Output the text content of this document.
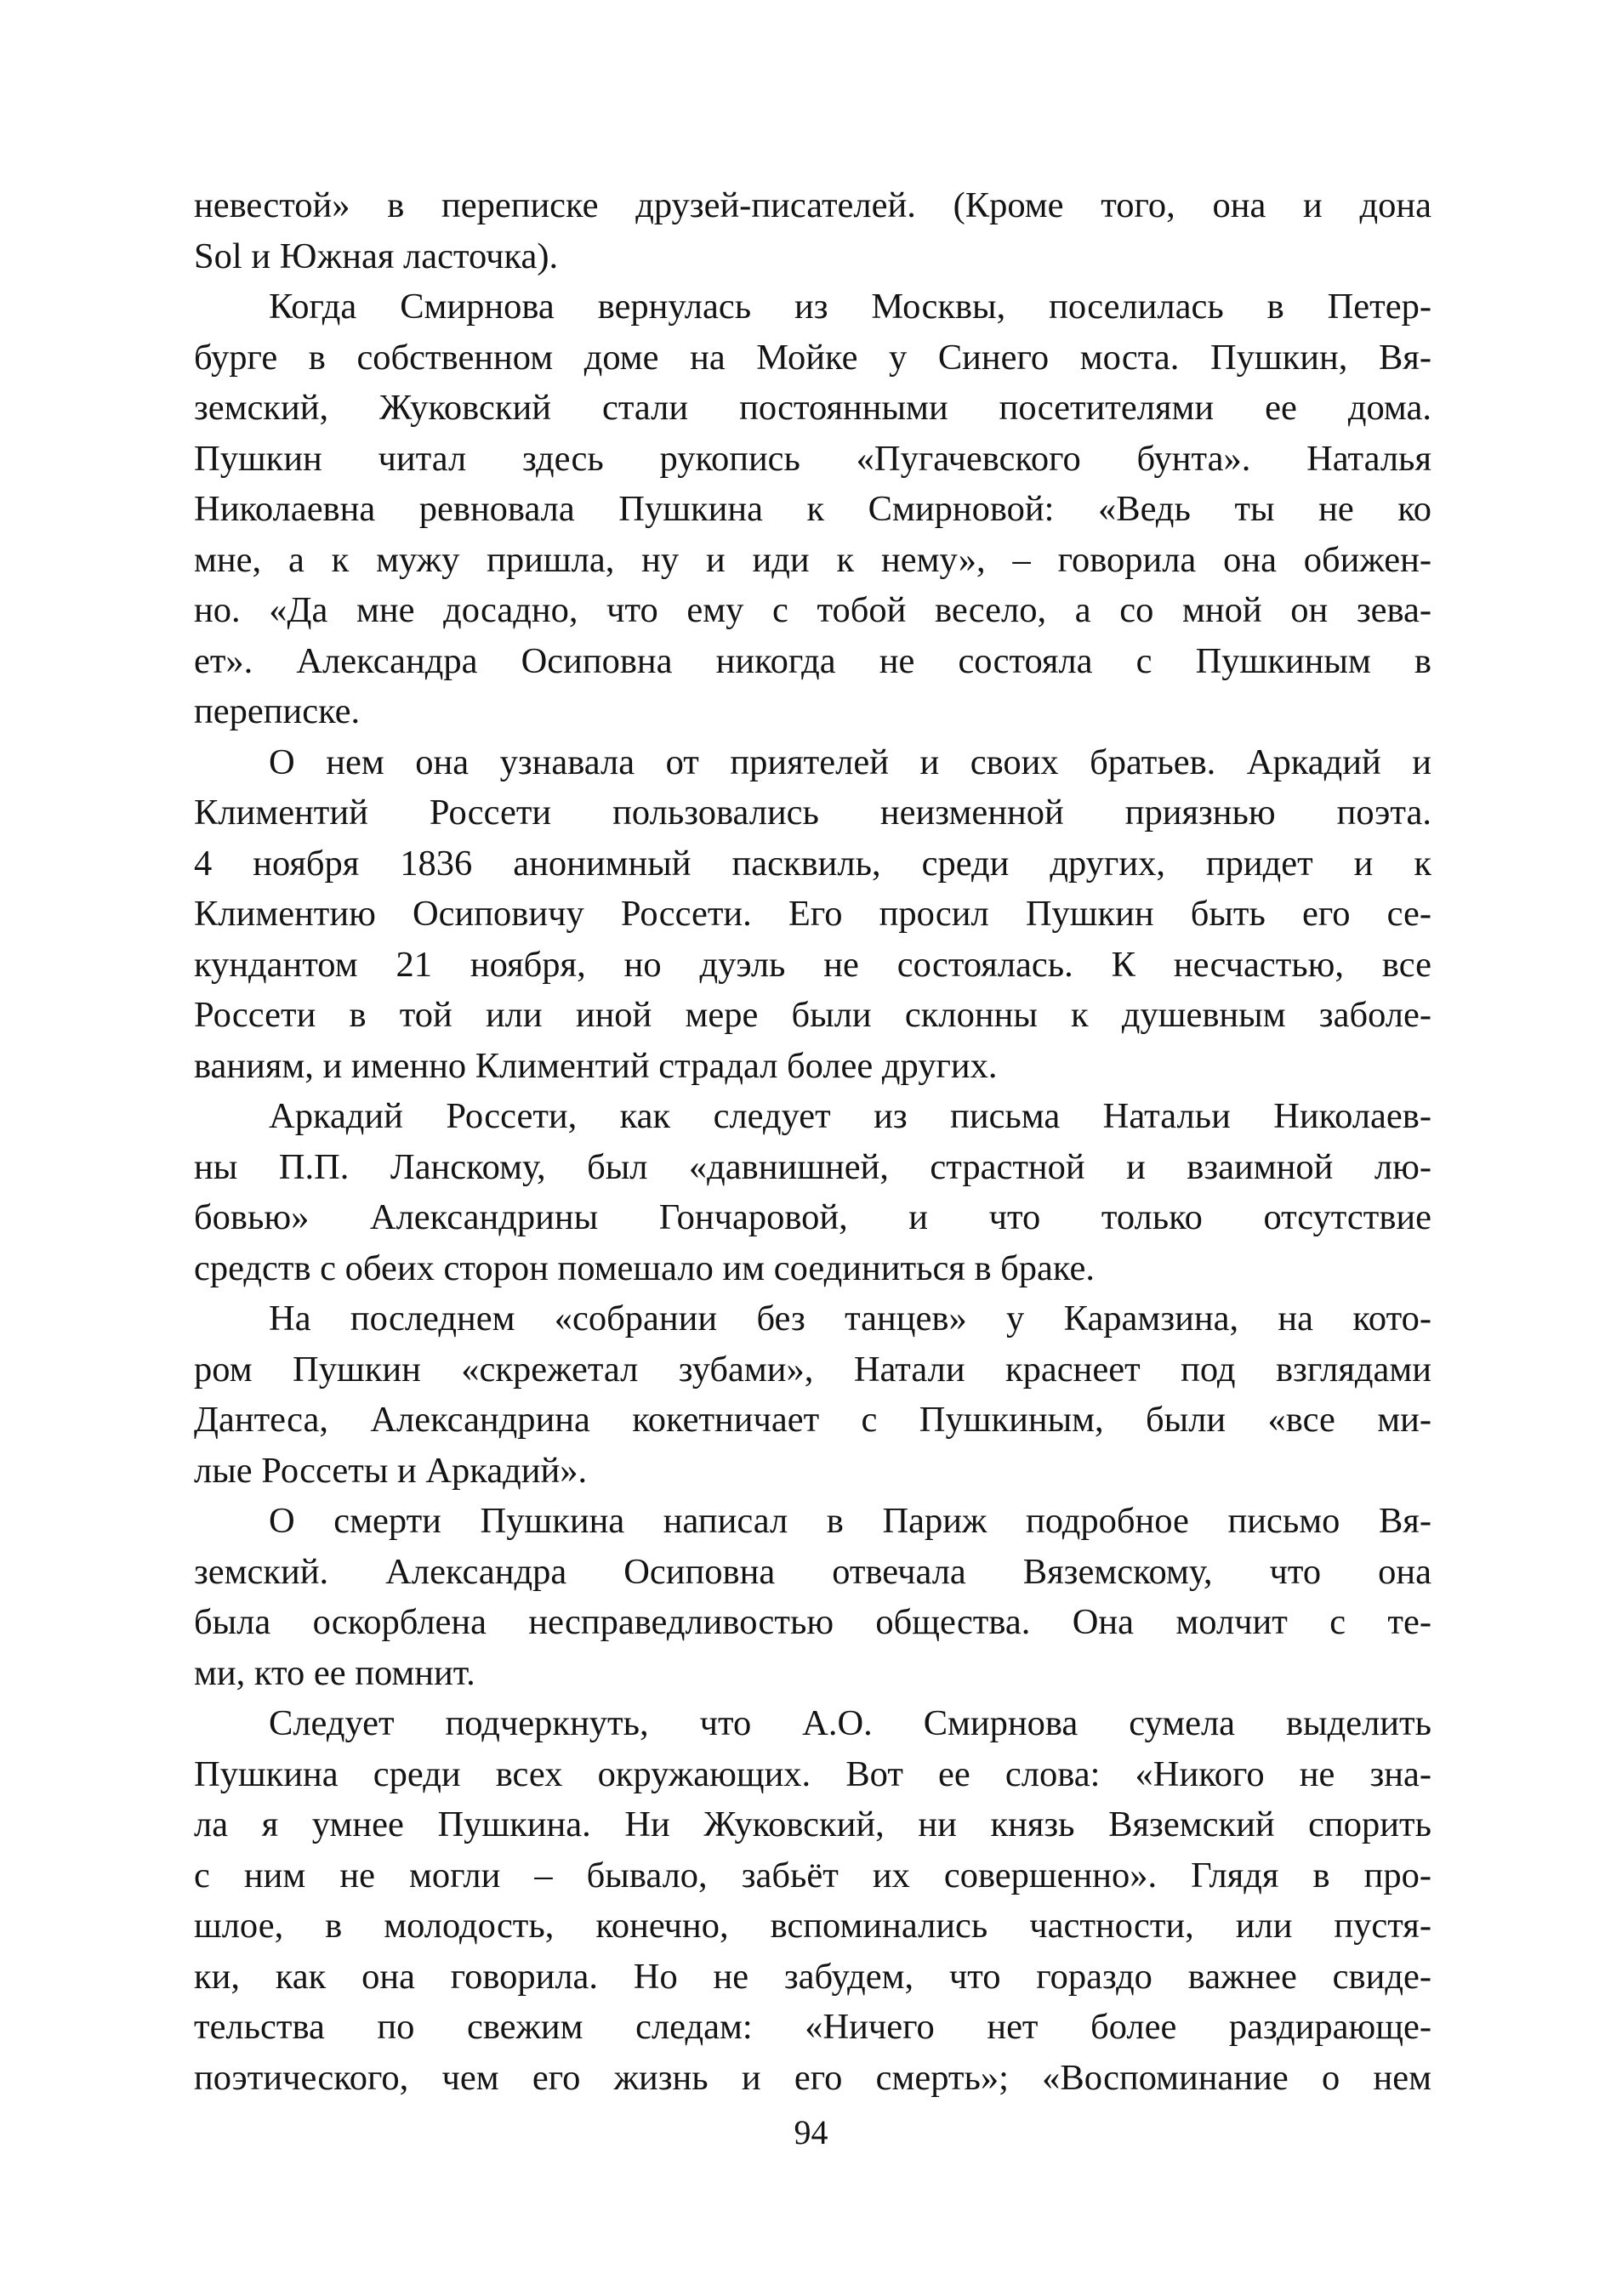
невестой» в переписке друзей-писателей. (Кроме того, она и дона
Sol и Южная ласточка).
Когда Смирнова вернулась из Москвы, поселилась в Петер-
бурге в собственном доме на Мойке у Синего моста. Пушкин, Вя-
земский, Жуковский стали постоянными посетителями ее дома.
Пушкин читал здесь рукопись «Пугачевского бунта». Наталья
Николаевна ревновала Пушкина к Смирновой: «Ведь ты не ко
мне, а к мужу пришла, ну и иди к нему», – говорила она обижен-
но. «Да мне досадно, что ему с тобой весело, а со мной он зева-
ет». Александра Осиповна никогда не состояла с Пушкиным в
переписке.
О нем она узнавала от приятелей и своих братьев. Аркадий и
Климентий Россети пользовались неизменной приязнью поэта.
4 ноября 1836 анонимный пасквиль, среди других, придет и к
Климентию Осиповичу Россети. Его просил Пушкин быть его се-
кундантом 21 ноября, но дуэль не состоялась. К несчастью, все
Россети в той или иной мере были склонны к душевным заболе-
ваниям, и именно Климентий страдал более других.
Аркадий Россети, как следует из письма Натальи Николаев-
ны П.П. Ланскому, был «давнишней, страстной и взаимной лю-
бовью» Александрины Гончаровой, и что только отсутствие
средств с обеих сторон помешало им соединиться в браке.
На последнем «собрании без танцев» у Карамзина, на кото-
ром Пушкин «скрежетал зубами», Натали краснеет под взглядами
Дантеса, Александрина кокетничает с Пушкиным, были «все ми-
лые Россеты и Аркадий».
О смерти Пушкина написал в Париж подробное письмо Вя-
земский. Александра Осиповна отвечала Вяземскому, что она
была оскорблена несправедливостью общества. Она молчит с те-
ми, кто ее помнит.
Следует подчеркнуть, что А.О. Смирнова сумела выделить
Пушкина среди всех окружающих. Вот ее слова: «Никого не зна-
ла я умнее Пушкина. Ни Жуковский, ни князь Вяземский спорить
с ним не могли – бывало, забьёт их совершенно». Глядя в про-
шлое, в молодость, конечно, вспоминались частности, или пустя-
ки, как она говорила. Но не забудем, что гораздо важнее свиде-
тельства по свежим следам: «Ничего нет более раздирающе-
поэтического, чем его жизнь и его смерть»; «Воспоминание о нем
94
